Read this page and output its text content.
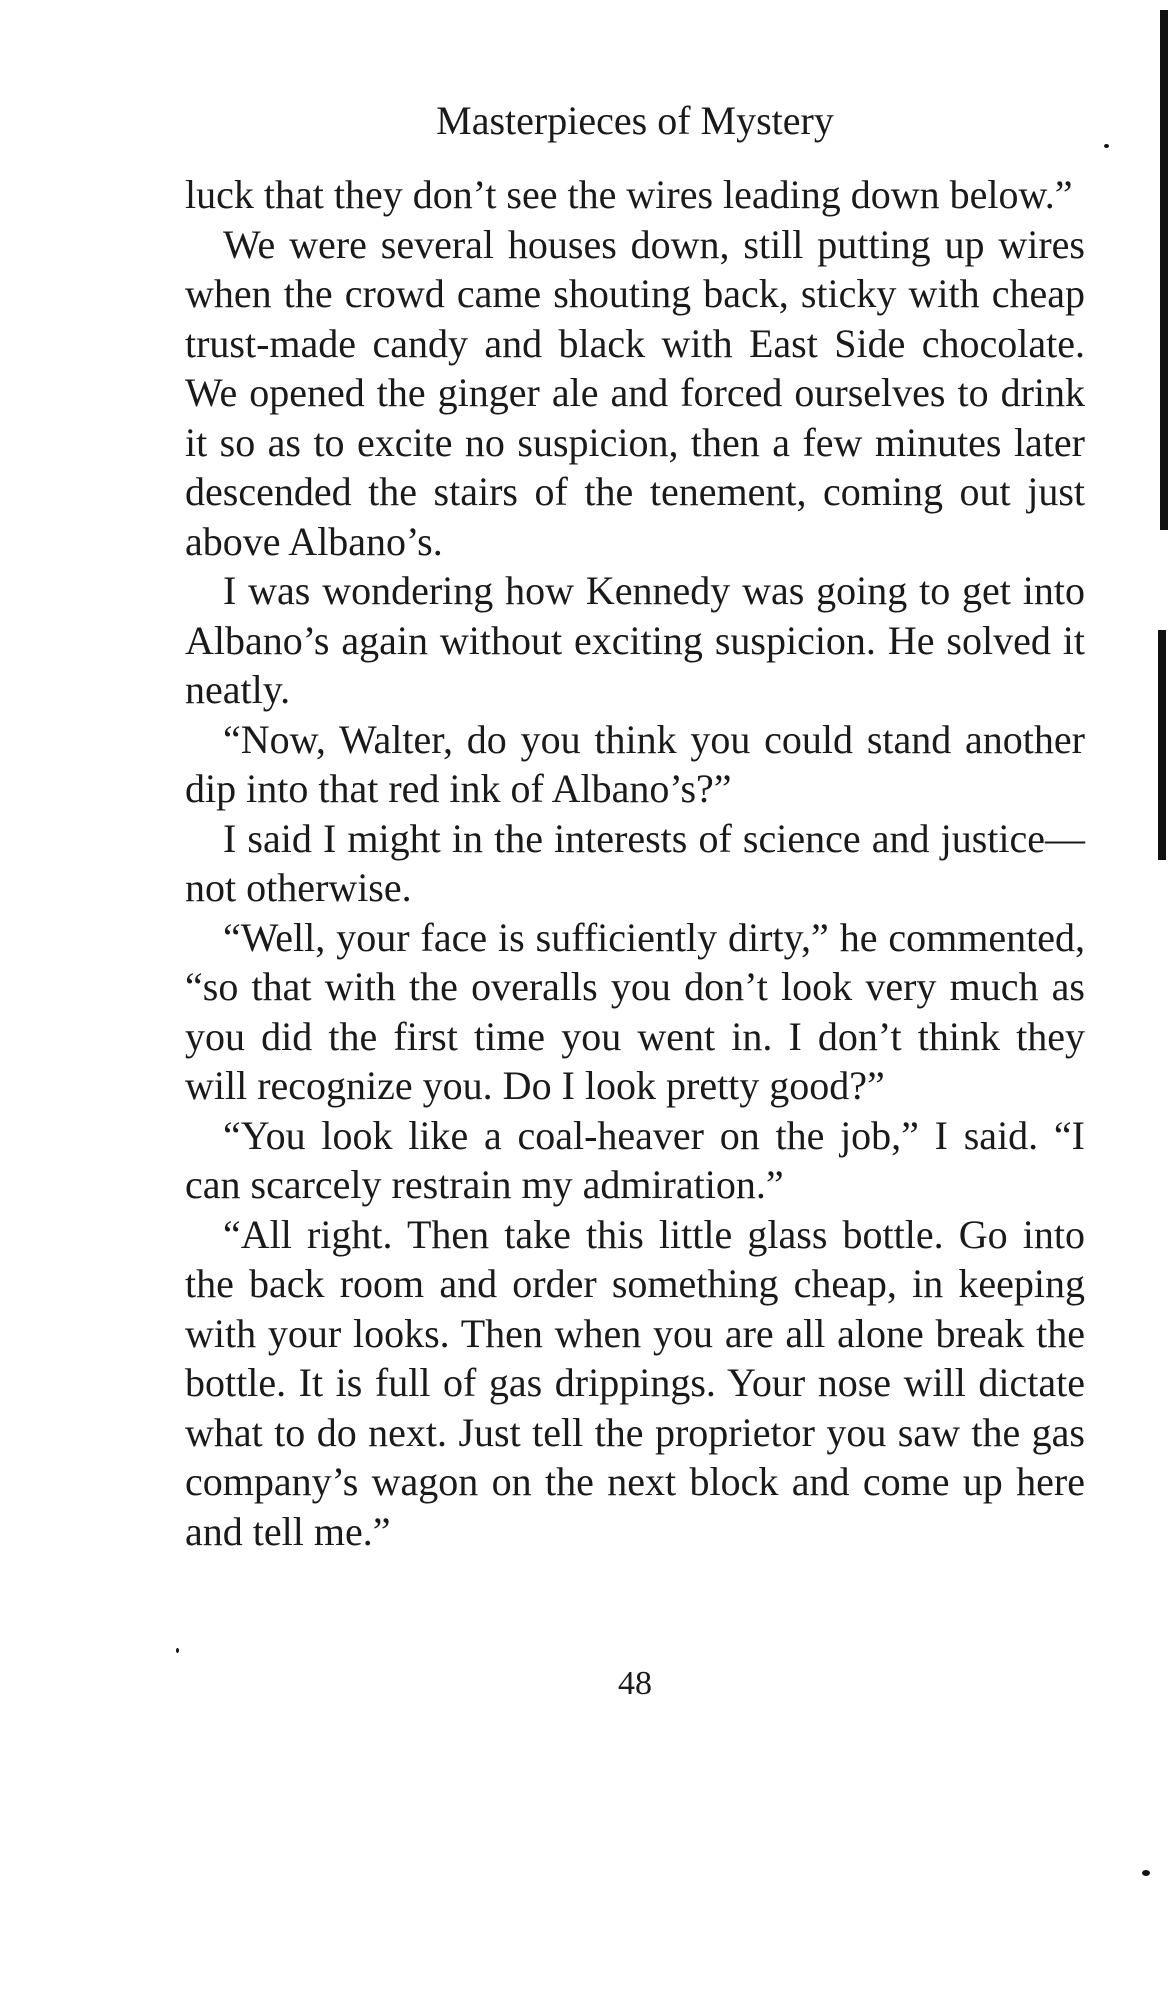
Masterpieces of Mystery

luck that they don’t see the wires leading down below.”

We were several houses down, still putting up wires when the crowd came shouting back, sticky with cheap trust-made candy and black with East Side chocolate. We opened the ginger ale and forced ourselves to drink it so as to excite no suspicion, then a few minutes later descended the stairs of the tenement, coming out just above Albano’s.

I was wondering how Kennedy was going to get into Albano’s again without exciting suspicion. He solved it neatly.

“Now, Walter, do you think you could stand another dip into that red ink of Albano’s?”

I said I might in the interests of science and justice—not otherwise.

“Well, your face is sufficiently dirty,” he commented, “so that with the overalls you don’t look very much as you did the first time you went in. I don’t think they will recognize you. Do I look pretty good?”

“You look like a coal-heaver on the job,” I said. “I can scarcely restrain my admiration.”

“All right. Then take this little glass bottle. Go into the back room and order something cheap, in keeping with your looks. Then when you are all alone break the bottle. It is full of gas drippings. Your nose will dictate what to do next. Just tell the proprietor you saw the gas company’s wagon on the next block and come up here and tell me.”

48
